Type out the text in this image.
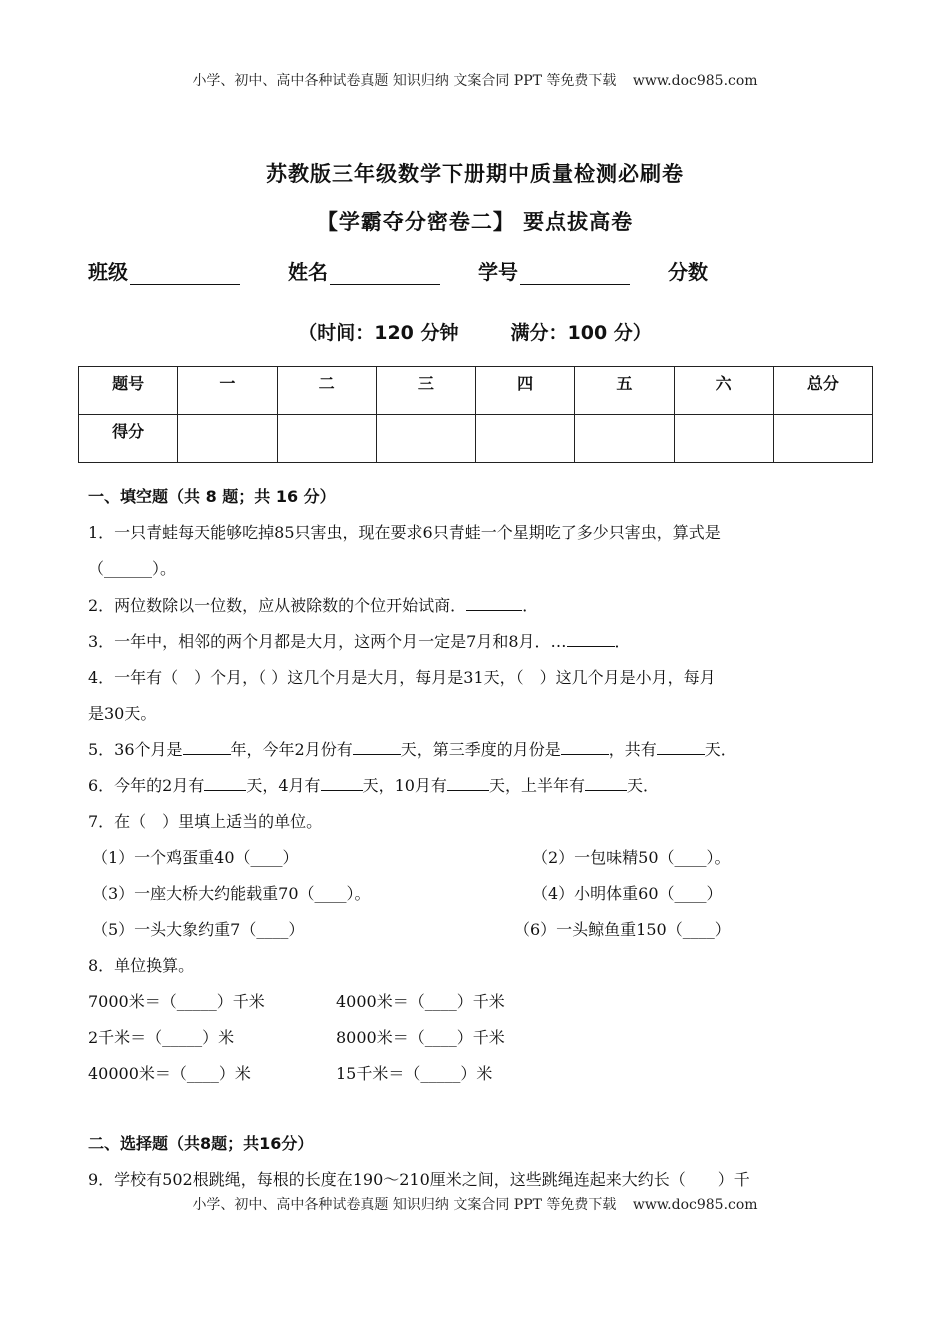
小学、初中、高中各种试卷真题 知识归纳 文案合同 PPT 等免费下载 www.doc985.com
苏教版三年级数学下册期中质量检测必刷卷
【学霸夺分密卷二】 要点拔高卷
班级	姓名	学号	分数
（时间：120 分钟	满分：100 分）
题号	一	二	三	四	五	六	总分
得分							
一、填空题（共 8 题；共 16 分）
1．一只青蛙每天能够吃掉85只害虫，现在要求6只青蛙一个星期吃了多少只害虫，算式是
（______）。
2．两位数除以一位数，应从被除数的个位开始试商．	．
3．一年中，相邻的两个月都是大月，这两个月一定是7月和8月．…	．
4．一年有（　）个月，（ ）这几个月是大月，每月是31天，（　）这几个月是小月，每月
是30天。
5．36个月是	年，今年2月份有	天，第三季度的月份是	，共有	天．
6．今年的2月有	天，4月有	天，10月有	天，上半年有	天．
7．在（　）里填上适当的单位。
（1）一个鸡蛋重40（____）	（2）一包味精50（____）。
（3）一座大桥大约能载重70（____）。	（4）小明体重60（____）
（5）一头大象约重7（____）	（6）一头鲸鱼重150（____）
8．单位换算。
7000米＝（_____）千米	4000米＝（____）千米
2千米＝（_____）米	8000米＝（____）千米
40000米＝（____）米	15千米＝（_____）米
二、选择题（共8题；共16分）
9．学校有502根跳绳，每根的长度在190～210厘米之间，这些跳绳连起来大约长（　　）千
小学、初中、高中各种试卷真题 知识归纳 文案合同 PPT 等免费下载 www.doc985.com
